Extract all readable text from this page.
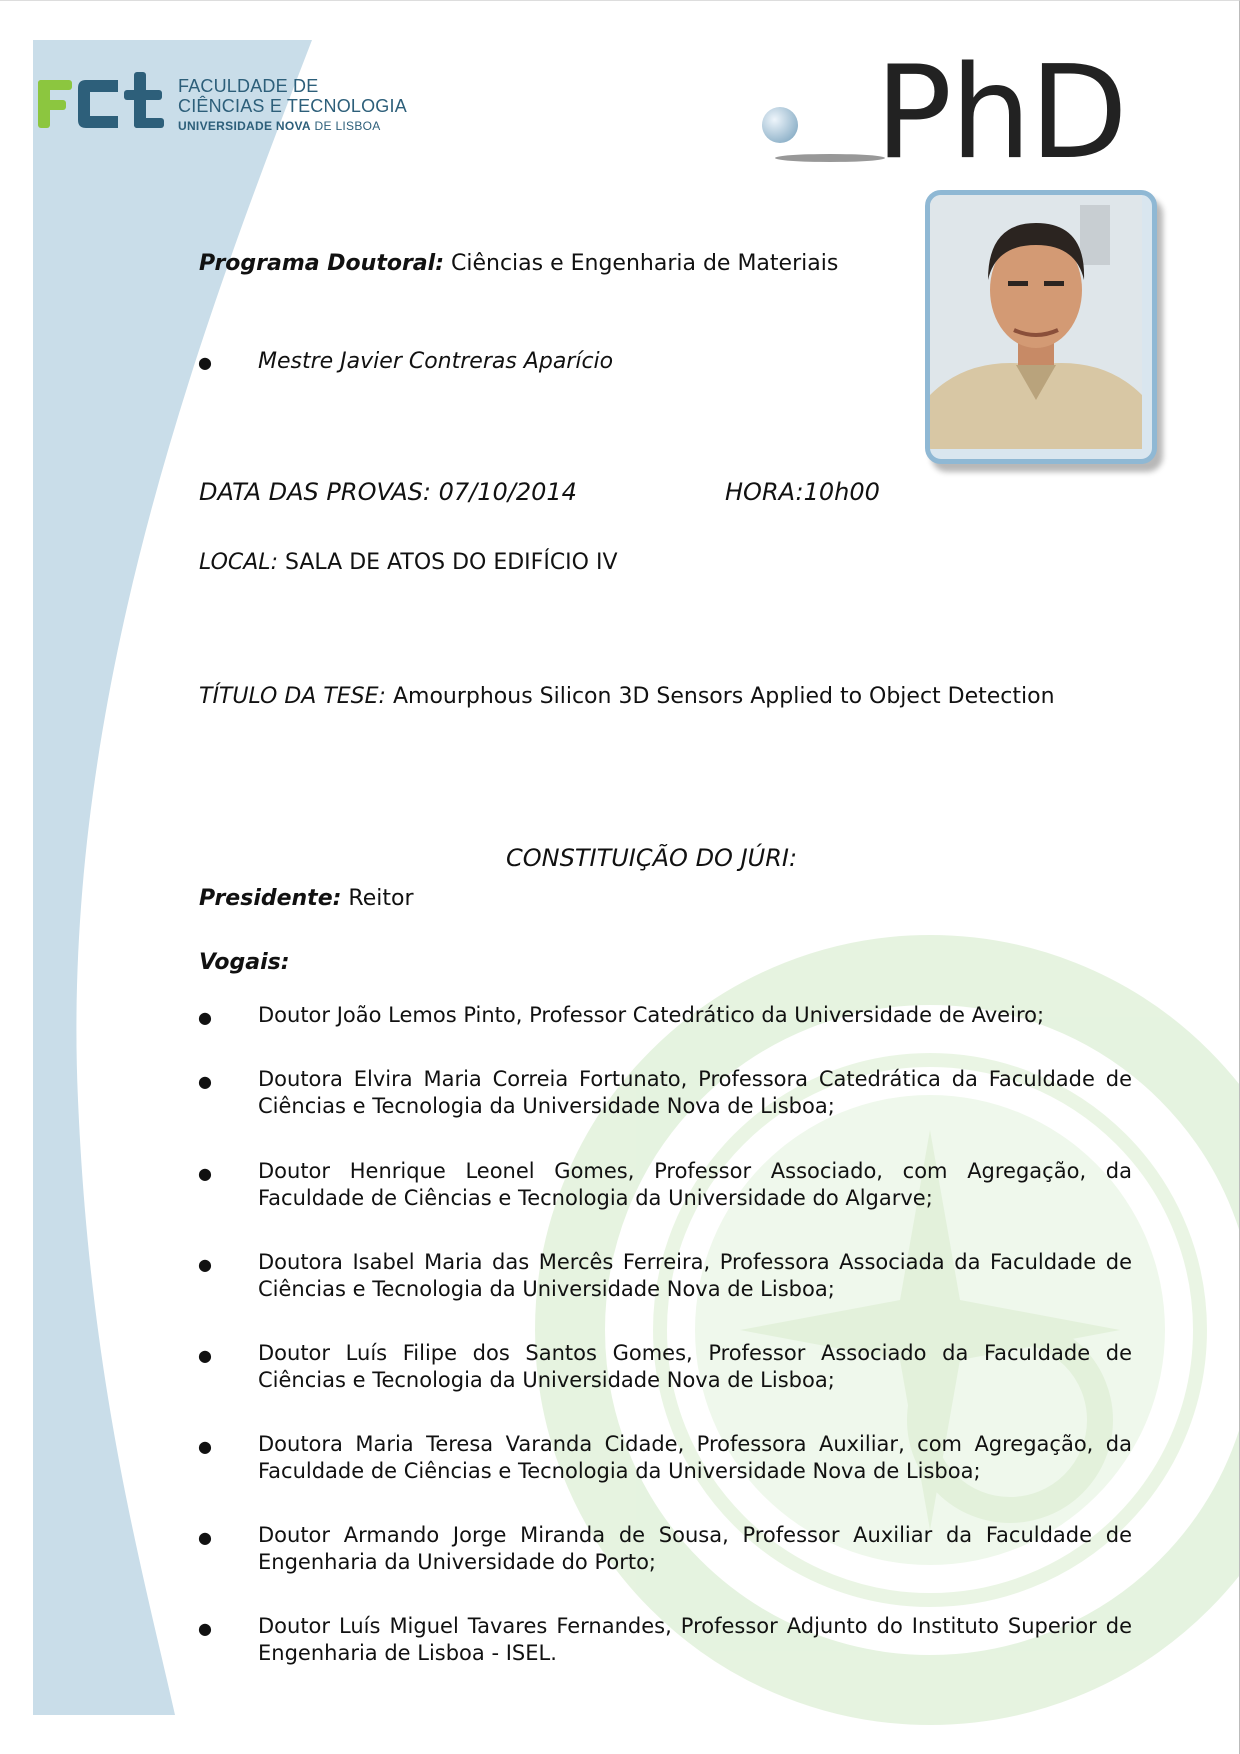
FACULDADE DE
CIÊNCIAS E TECNOLOGIA
UNIVERSIDADE NOVA DE LISBOA	PhD
Programa Doutoral: Ciências e Engenharia de Materiais
● Mestre Javier Contreras Aparício
DATA DAS PROVAS: 07/10/2014	HORA:10h00
LOCAL: SALA DE ATOS DO EDIFÍCIO IV
TÍTULO DA TESE: Amourphous Silicon 3D Sensors Applied to Object Detection
CONSTITUIÇÃO DO JÚRI:
Presidente: Reitor
Vogais:
● Doutor João Lemos Pinto, Professor Catedrático da Universidade de Aveiro;
● Doutora Elvira Maria Correia Fortunato, Professora Catedrática da Faculdade de Ciências e Tecnologia da Universidade Nova de Lisboa;
● Doutor Henrique Leonel Gomes, Professor Associado, com Agregação, da Faculdade de Ciências e Tecnologia da Universidade do Algarve;
● Doutora Isabel Maria das Mercês Ferreira, Professora Associada da Faculdade de Ciências e Tecnologia da Universidade Nova de Lisboa;
● Doutor Luís Filipe dos Santos Gomes, Professor Associado da Faculdade de Ciências e Tecnologia da Universidade Nova de Lisboa;
● Doutora Maria Teresa Varanda Cidade, Professora Auxiliar, com Agregação, da Faculdade de Ciências e Tecnologia da Universidade Nova de Lisboa;
● Doutor Armando Jorge Miranda de Sousa, Professor Auxiliar da Faculdade de Engenharia da Universidade do Porto;
● Doutor Luís Miguel Tavares Fernandes, Professor Adjunto do Instituto Superior de Engenharia de Lisboa - ISEL.
